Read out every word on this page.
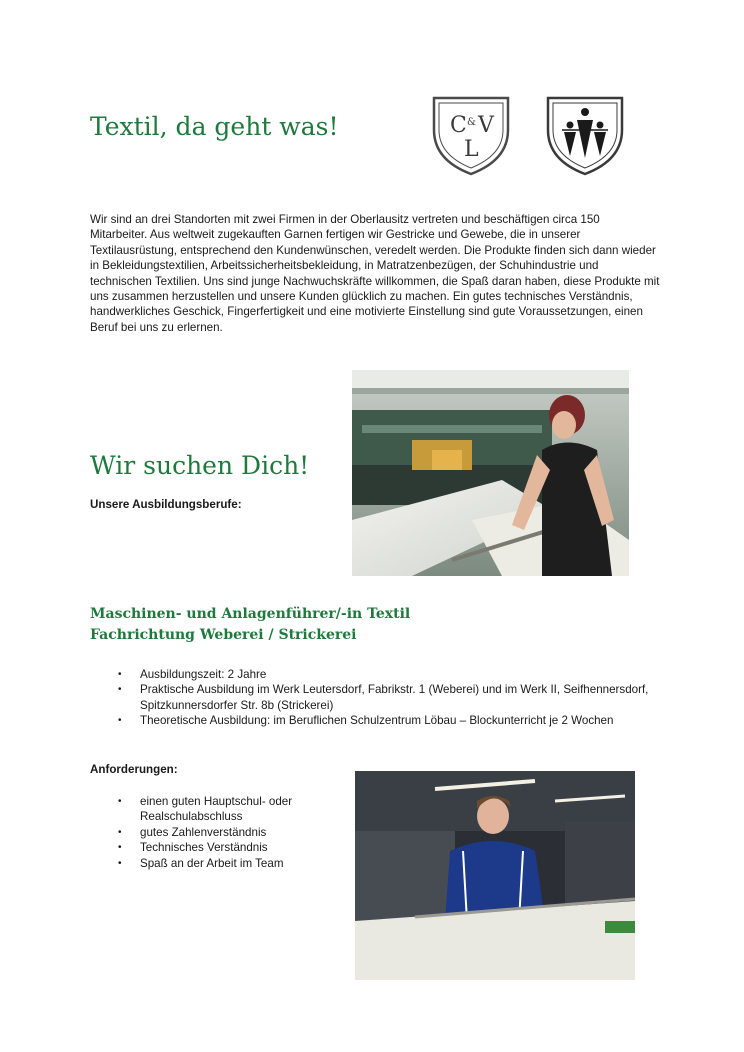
Textil, da geht was!	C & V
L

Wir sind an drei Standorten mit zwei Firmen in der Oberlausitz vertreten und beschäftigen circa 150 Mitarbeiter. Aus weltweit zugekauften Garnen fertigen wir Gestricke und Gewebe, die in unserer Textilausrüstung, entsprechend den Kundenwünschen, veredelt werden. Die Produkte finden sich dann wieder in Bekleidungstextilien, Arbeitssicherheitsbekleidung, in Matratzenbezügen, der Schuhindustrie und technischen Textilien. Uns sind junge Nachwuchskräfte willkommen, die Spaß daran haben, diese Produkte mit uns zusammen herzustellen und unsere Kunden glücklich zu machen. Ein gutes technisches Verständnis, handwerkliches Geschick, Fingerfertigkeit und eine motivierte Einstellung sind gute Voraussetzungen, einen Beruf bei uns zu erlernen.

Wir suchen Dich!
Unsere Ausbildungsberufe:
Maschinen- und Anlagenführer/-in Textil
Fachrichtung Weberei / Strickerei
• Ausbildungszeit: 2 Jahre
• Praktische Ausbildung im Werk Leutersdorf, Fabrikstr. 1 (Weberei) und im Werk II, Seifhennersdorf, Spitzkunnersdorfer Str. 8b (Strickerei)
• Theoretische Ausbildung: im Beruflichen Schulzentrum Löbau – Blockunterricht je 2 Wochen
Anforderungen:
• einen guten Hauptschul- oder Realschulabschluss
• gutes Zahlenverständnis
• Technisches Verständnis
• Spaß an der Arbeit im Team
